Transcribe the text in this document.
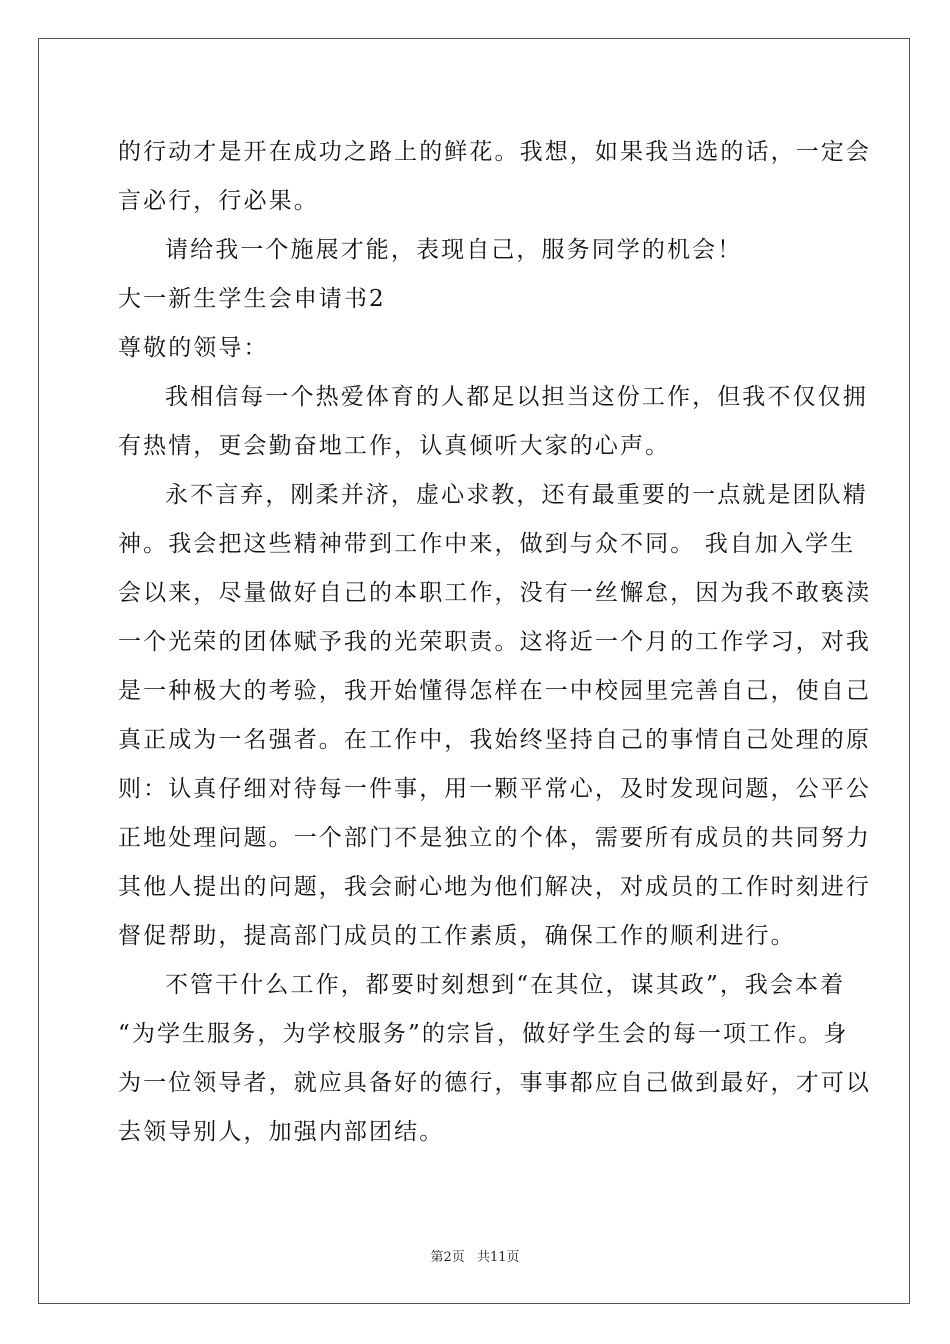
的行动才是开在成功之路上的鲜花。我想，如果我当选的话，一定会
言必行，行必果。
请给我一个施展才能，表现自己，服务同学的机会！
大一新生学生会申请书2
尊敬的领导：
我相信每一个热爱体育的人都足以担当这份工作，但我不仅仅拥
有热情，更会勤奋地工作，认真倾听大家的心声。
永不言弃，刚柔并济，虚心求教，还有最重要的一点就是团队精
神。我会把这些精神带到工作中来，做到与众不同。 我自加入学生
会以来，尽量做好自己的本职工作，没有一丝懈怠，因为我不敢亵渎
一个光荣的团体赋予我的光荣职责。这将近一个月的工作学习，对我
是一种极大的考验，我开始懂得怎样在一中校园里完善自己，使自己
真正成为一名强者。在工作中，我始终坚持自己的事情自己处理的原
则：认真仔细对待每一件事，用一颗平常心，及时发现问题，公平公
正地处理问题。一个部门不是独立的个体，需要所有成员的共同努力
其他人提出的问题，我会耐心地为他们解决，对成员的工作时刻进行
督促帮助，提高部门成员的工作素质，确保工作的顺利进行。
不管干什么工作，都要时刻想到“在其位，谋其政”，我会本着
“为学生服务，为学校服务”的宗旨，做好学生会的每一项工作。身
为一位领导者，就应具备好的德行，事事都应自己做到最好，才可以
去领导别人，加强内部团结。
第2页 共11页
